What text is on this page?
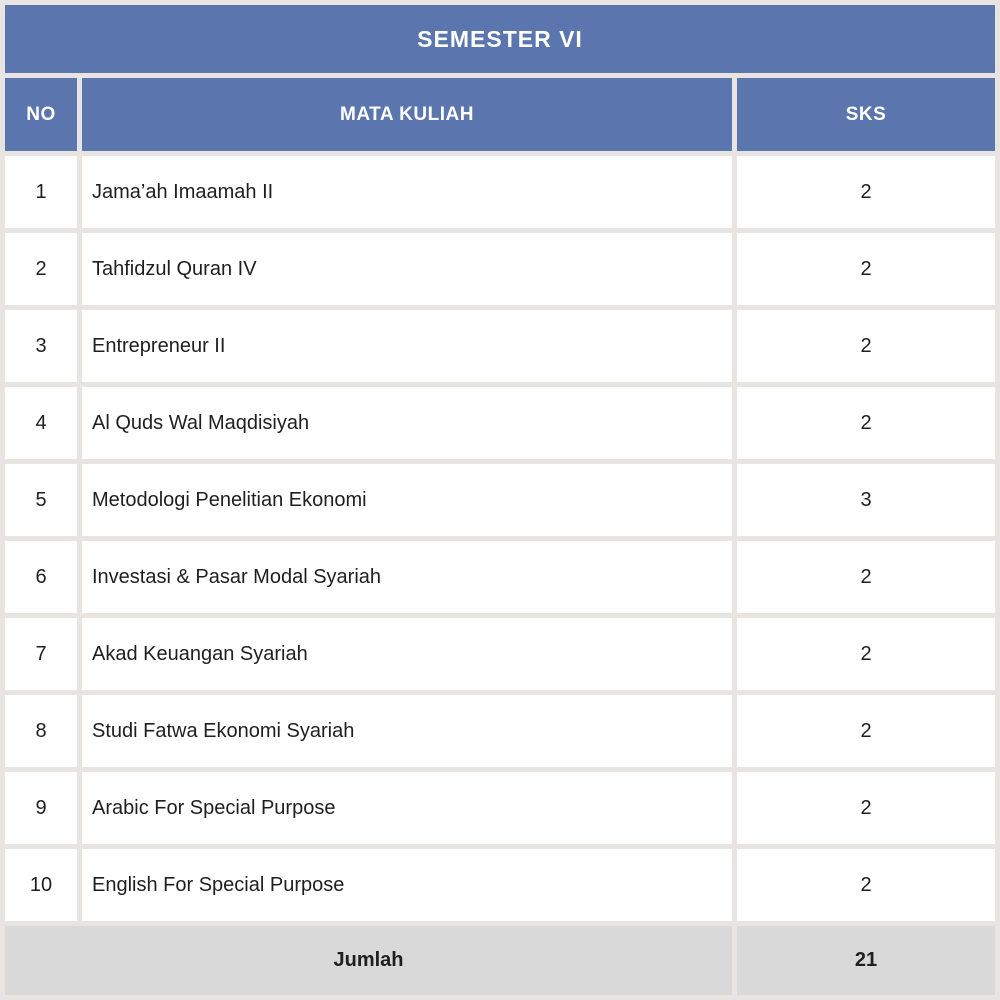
SEMESTER VI
NO	MATA KULIAH	SKS
1	Jama’ah Imaamah II	2
2	Tahfidzul Quran IV	2
3	Entrepreneur II	2
4	Al Quds Wal Maqdisiyah	2
5	Metodologi Penelitian Ekonomi	3
6	Investasi & Pasar Modal Syariah	2
7	Akad Keuangan Syariah	2
8	Studi Fatwa Ekonomi Syariah	2
9	Arabic For Special Purpose	2
10	English For Special Purpose	2
Jumlah	21
